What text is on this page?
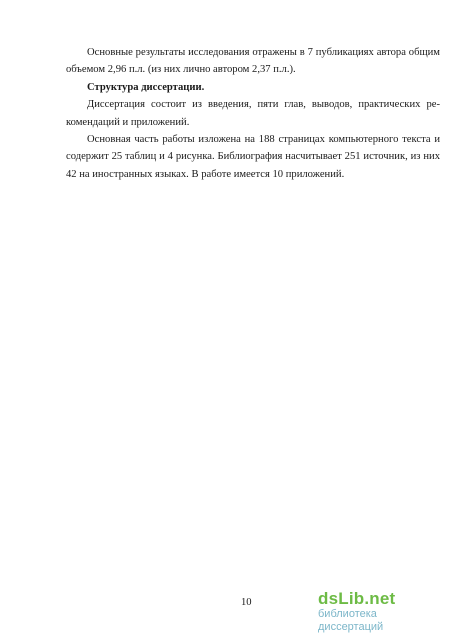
Основные результаты исследования отражены в 7 публикациях автора общим объемом 2,96 п.л. (из них лично автором 2,37 п.л.).

Структура диссертации.

Диссертация состоит из введения, пяти глав, выводов, практических ре-комендаций и приложений.

Основная часть работы изложена на 188 страницах компьютерного текста и содержит 25 таблиц и 4 рисунка. Библиография насчитывает 251 источник, из них 42 на иностранных языках. В работе имеется 10 приложений.

10	dsLib.net
библиотека диссертаций
